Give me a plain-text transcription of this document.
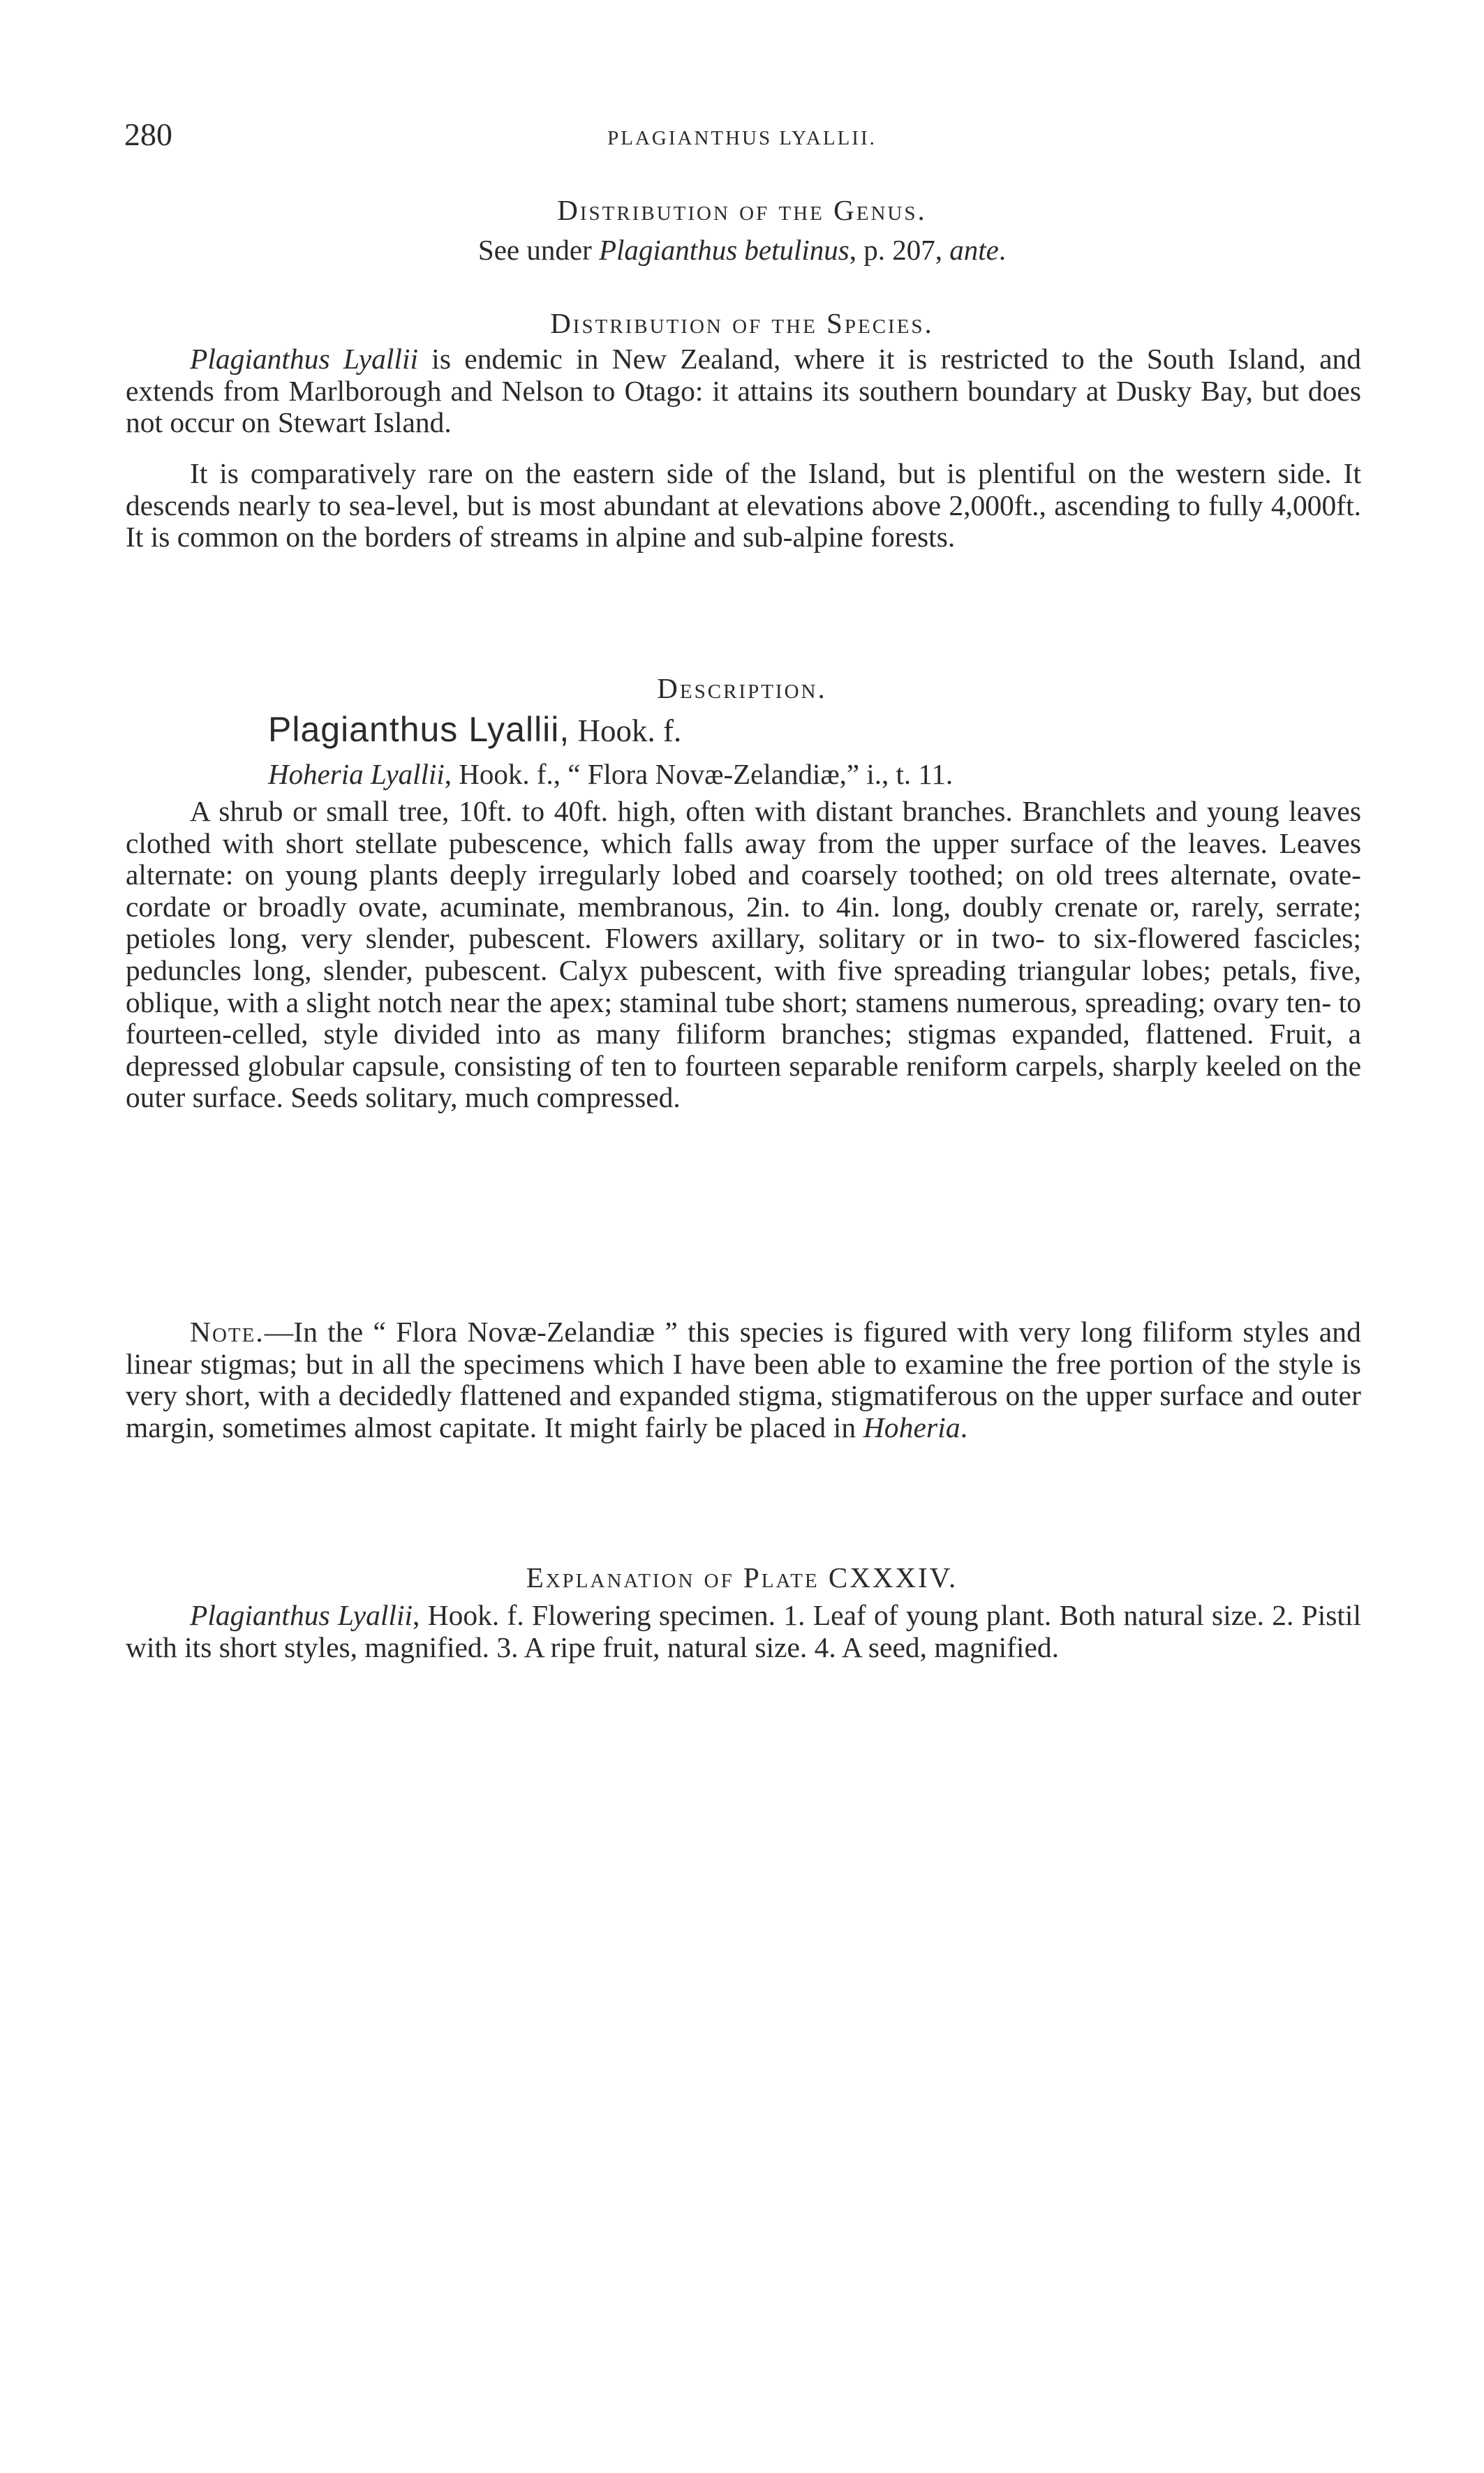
280	PLAGIANTHUS LYALLII.
Distribution of the Genus.
See under Plagianthus betulinus, p. 207, ante.
Distribution of the Species.

Plagianthus Lyallii is endemic in New Zealand, where it is restricted to the South Island, and extends from Marlborough and Nelson to Otago: it attains its southern boundary at Dusky Bay, but does not occur on Stewart Island.

It is comparatively rare on the eastern side of the Island, but is plentiful on the western side. It descends nearly to sea-level, but is most abundant at elevations above 2,000ft., ascending to fully 4,000ft. It is common on the borders of streams in alpine and sub-alpine forests.

Description.
Plagianthus Lyallii, Hook. f.
Hoheria Lyallii, Hook. f., “ Flora Novæ-Zelandiæ,” i., t. 11.

A shrub or small tree, 10ft. to 40ft. high, often with distant branches. Branchlets and young leaves clothed with short stellate pubescence, which falls away from the upper surface of the leaves. Leaves alternate: on young plants deeply irregularly lobed and coarsely toothed; on old trees alternate, ovate-cordate or broadly ovate, acuminate, membranous, 2in. to 4in. long, doubly crenate or, rarely, serrate; petioles long, very slender, pubescent. Flowers axillary, solitary or in two- to six-flowered fascicles; peduncles long, slender, pubescent. Calyx pubescent, with five spreading triangular lobes; petals, five, oblique, with a slight notch near the apex; staminal tube short; stamens numerous, spreading; ovary ten- to fourteen-celled, style divided into as many filiform branches; stigmas expanded, flattened. Fruit, a depressed globular capsule, consisting of ten to fourteen separable reniform carpels, sharply keeled on the outer surface. Seeds solitary, much compressed.

Note.—In the “ Flora Novæ-Zelandiæ ” this species is figured with very long filiform styles and linear stigmas; but in all the specimens which I have been able to examine the free portion of the style is very short, with a decidedly flattened and expanded stigma, stigmatiferous on the upper surface and outer margin, sometimes almost capitate. It might fairly be placed in Hoheria.

Explanation of Plate CXXXIV.

Plagianthus Lyallii, Hook. f. Flowering specimen. 1. Leaf of young plant. Both natural size. 2. Pistil with its short styles, magnified. 3. A ripe fruit, natural size. 4. A seed, magnified.
